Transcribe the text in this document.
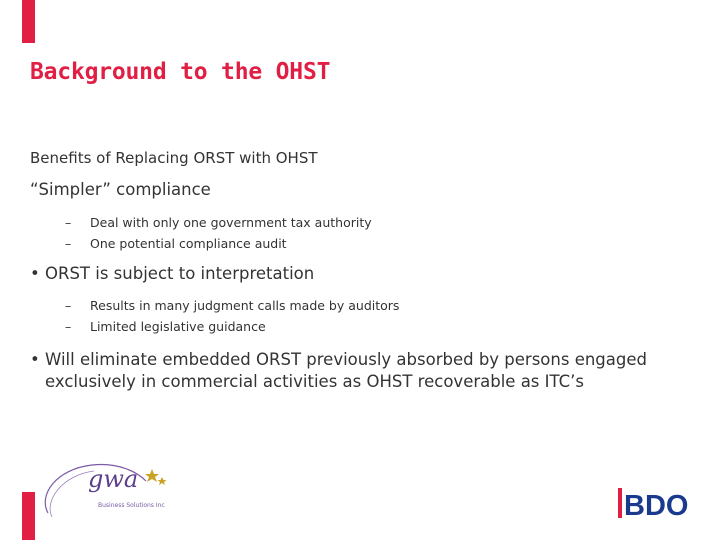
Background to the OHST

Benefits of Replacing ORST with OHST

“Simpler” compliance
–	Deal with only one government tax authority
–	One potential compliance audit
• ORST is subject to interpretation
–	Results in many judgment calls made by auditors
–	Limited legislative guidance
• Will eliminate embedded ORST previously absorbed by persons engaged exclusively in commercial activities as OHST recoverable as ITC’s
gwa
Business Solutions Inc	BDO
